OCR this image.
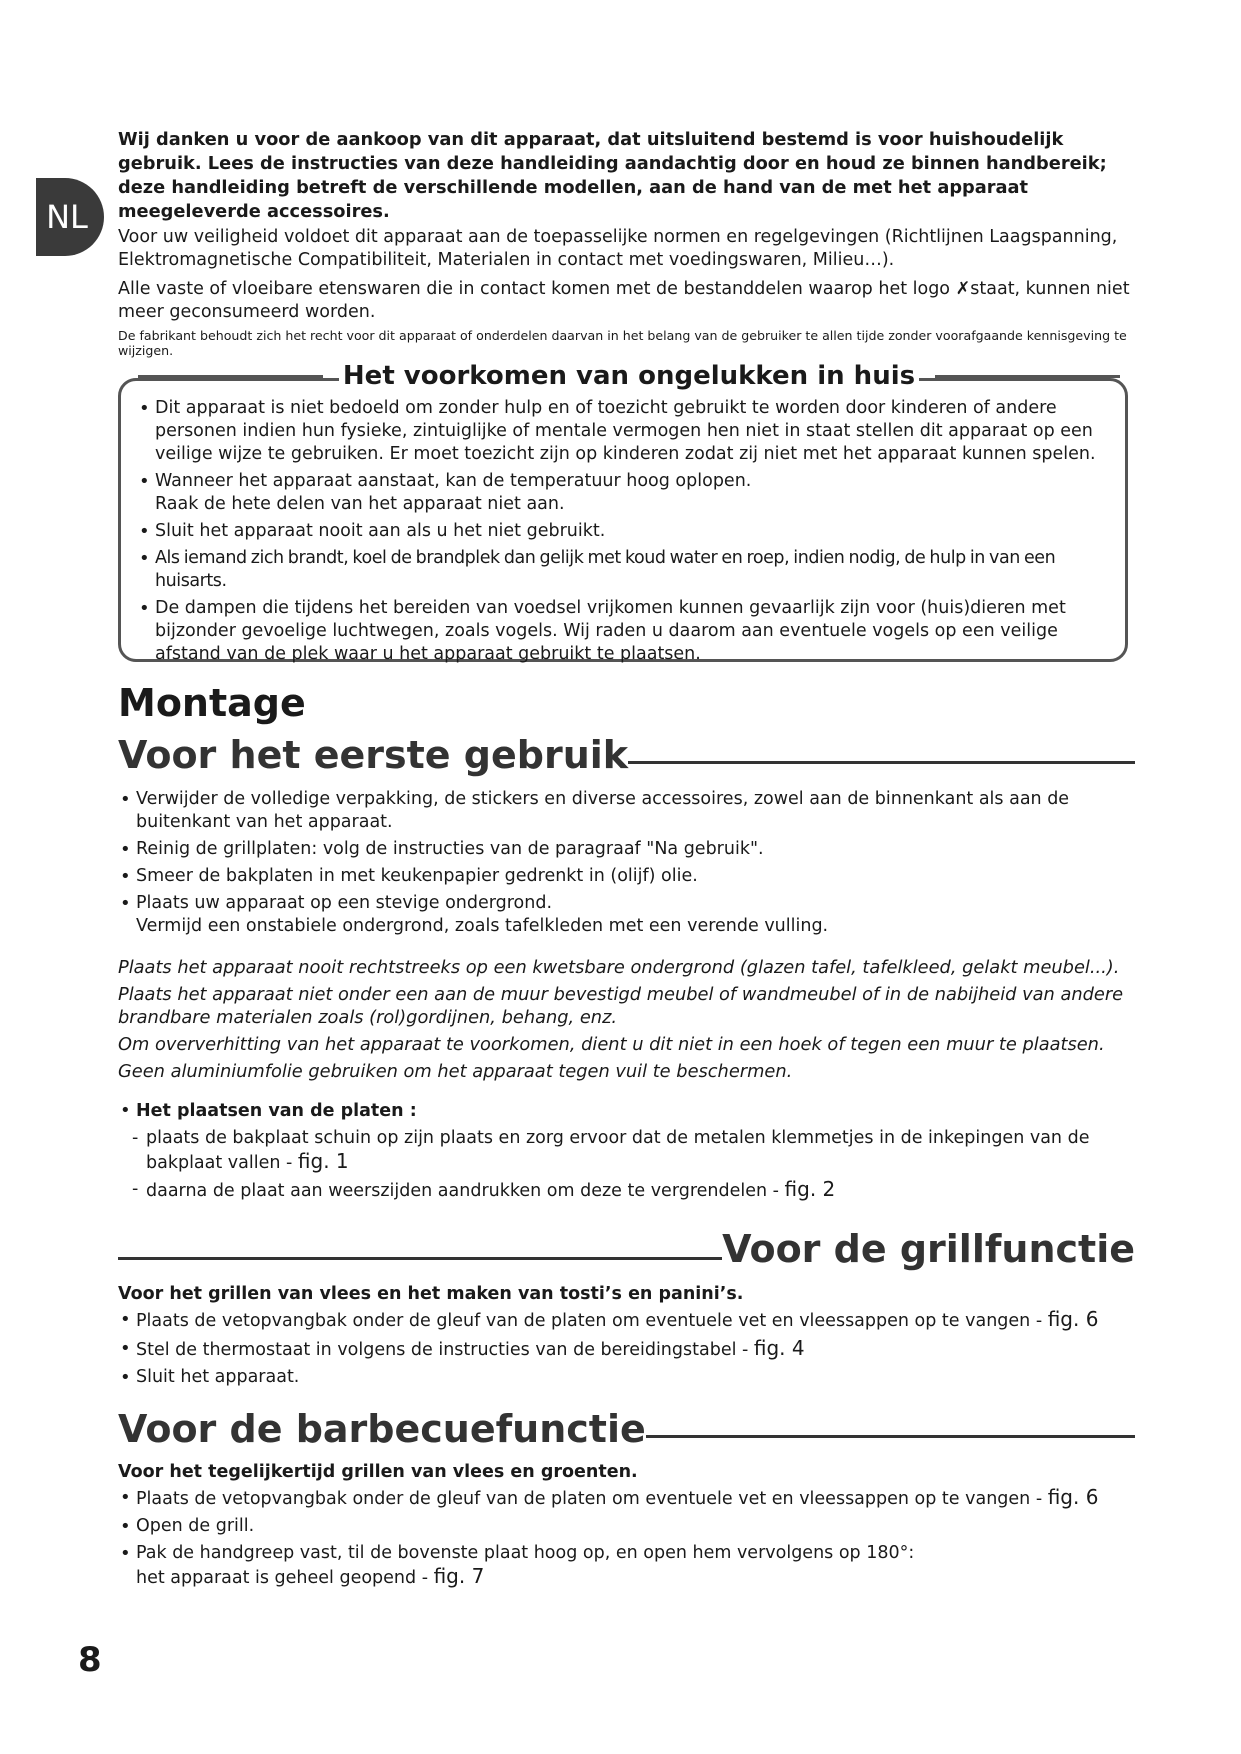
NL

Wij danken u voor de aankoop van dit apparaat, dat uitsluitend bestemd is voor huishoudelijk gebruik. Lees de instructies van deze handleiding aandachtig door en houd ze binnen handbereik; deze handleiding betreft de verschillende modellen, aan de hand van de met het apparaat meegeleverde accessoires.

Voor uw veiligheid voldoet dit apparaat aan de toepasselijke normen en regelgevingen (Richtlijnen Laagspanning, Elektromagnetische Compatibiliteit, Materialen in contact met voedingswaren, Milieu…).

Alle vaste of vloeibare etenswaren die in contact komen met de bestanddelen waarop het logo ✗staat, kunnen niet meer geconsumeerd worden.

De fabrikant behoudt zich het recht voor dit apparaat of onderdelen daarvan in het belang van de gebruiker te allen tijde zonder voorafgaande kennisgeving te wijzigen.

• Dit apparaat is niet bedoeld om zonder hulp en of toezicht gebruikt te worden door kinderen of andere personen indien hun fysieke, zintuiglijke of mentale vermogen hen niet in staat stellen dit apparaat op een veilige wijze te gebruiken. Er moet toezicht zijn op kinderen zodat zij niet met het apparaat kunnen spelen.
• Wanneer het apparaat aanstaat, kan de temperatuur hoog oplopen.
Raak de hete delen van het apparaat niet aan.
• Sluit het apparaat nooit aan als u het niet gebruikt.
• Als iemand zich brandt, koel de brandplek dan gelijk met koud water en roep, indien nodig, de hulp in van een huisarts.
• De dampen die tijdens het bereiden van voedsel vrijkomen kunnen gevaarlijk zijn voor (huis)dieren met bijzonder gevoelige luchtwegen, zoals vogels. Wij raden u daarom aan eventuele vogels op een veilige afstand van de plek waar u het apparaat gebruikt te plaatsen.
Het voorkomen van ongelukken in huis
Montage
Voor het eerste gebruik
• Verwijder de volledige verpakking, de stickers en diverse accessoires, zowel aan de binnenkant als aan de buitenkant van het apparaat.
• Reinig de grillplaten: volg de instructies van de paragraaf "Na gebruik".
• Smeer de bakplaten in met keukenpapier gedrenkt in (olijf) olie.
• Plaats uw apparaat op een stevige ondergrond.
Vermijd een onstabiele ondergrond, zoals tafelkleden met een verende vulling.

Plaats het apparaat nooit rechtstreeks op een kwetsbare ondergrond (glazen tafel, tafelkleed, gelakt meubel...).

Plaats het apparaat niet onder een aan de muur bevestigd meubel of wandmeubel of in de nabijheid van andere brandbare materialen zoals (rol)gordijnen, behang, enz.

Om oververhitting van het apparaat te voorkomen, dient u dit niet in een hoek of tegen een muur te plaatsen.

Geen aluminiumfolie gebruiken om het apparaat tegen vuil te beschermen.

• Het plaatsen van de platen :
- plaats de bakplaat schuin op zijn plaats en zorg ervoor dat de metalen klemmetjes in de inkepingen van de bakplaat vallen - fig. 1
- daarna de plaat aan weerszijden aandrukken om deze te vergrendelen - fig. 2
Voor de grillfunctie

Voor het grillen van vlees en het maken van tosti’s en panini’s.

• Plaats de vetopvangbak onder de gleuf van de platen om eventuele vet en vleessappen op te vangen - fig. 6
• Stel de thermostaat in volgens de instructies van de bereidingstabel - fig. 4
• Sluit het apparaat.
Voor de barbecuefunctie

Voor het tegelijkertijd grillen van vlees en groenten.

• Plaats de vetopvangbak onder de gleuf van de platen om eventuele vet en vleessappen op te vangen - fig. 6
• Open de grill.
• Pak de handgreep vast, til de bovenste plaat hoog op, en open hem vervolgens op 180°:
het apparaat is geheel geopend - fig. 7
8
